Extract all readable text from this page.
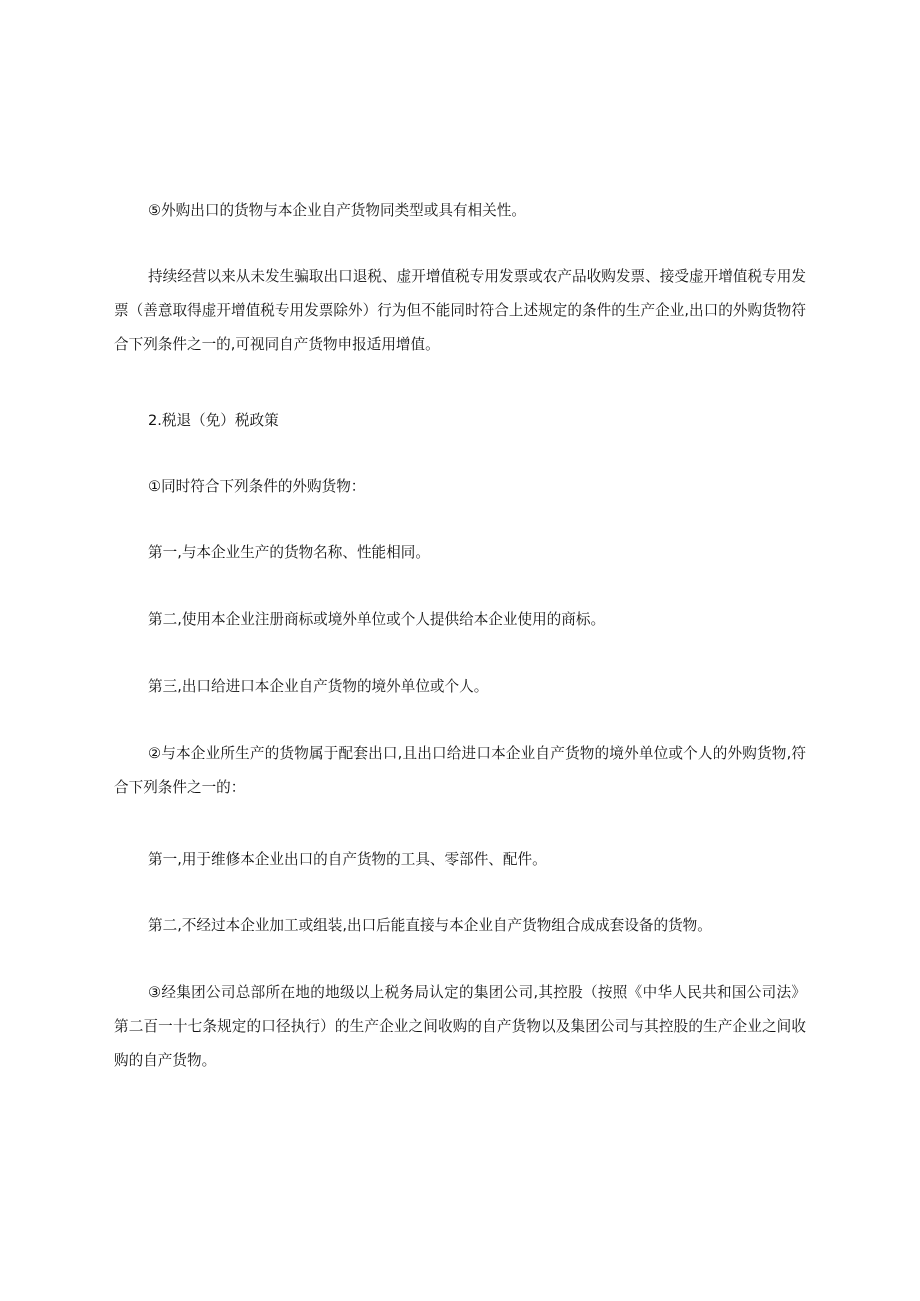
⑤外购出口的货物与本企业自产货物同类型或具有相关性。

持续经营以来从未发生骗取出口退税、虚开增值税专用发票或农产品收购发票、接受虚开增值税专用发票（善意取得虚开增值税专用发票除外）行为但不能同时符合上述规定的条件的生产企业,出口的外购货物符合下列条件之一的,可视同自产货物申报适用增值。

2.税退（免）税政策

①同时符合下列条件的外购货物：

第一,与本企业生产的货物名称、性能相同。

第二,使用本企业注册商标或境外单位或个人提供给本企业使用的商标。

第三,出口给进口本企业自产货物的境外单位或个人。

②与本企业所生产的货物属于配套出口,且出口给进口本企业自产货物的境外单位或个人的外购货物,符合下列条件之一的：

第一,用于维修本企业出口的自产货物的工具、零部件、配件。

第二,不经过本企业加工或组装,出口后能直接与本企业自产货物组合成成套设备的货物。

③经集团公司总部所在地的地级以上税务局认定的集团公司,其控股（按照《中华人民共和国公司法》第二百一十七条规定的口径执行）的生产企业之间收购的自产货物以及集团公司与其控股的生产企业之间收购的自产货物。
